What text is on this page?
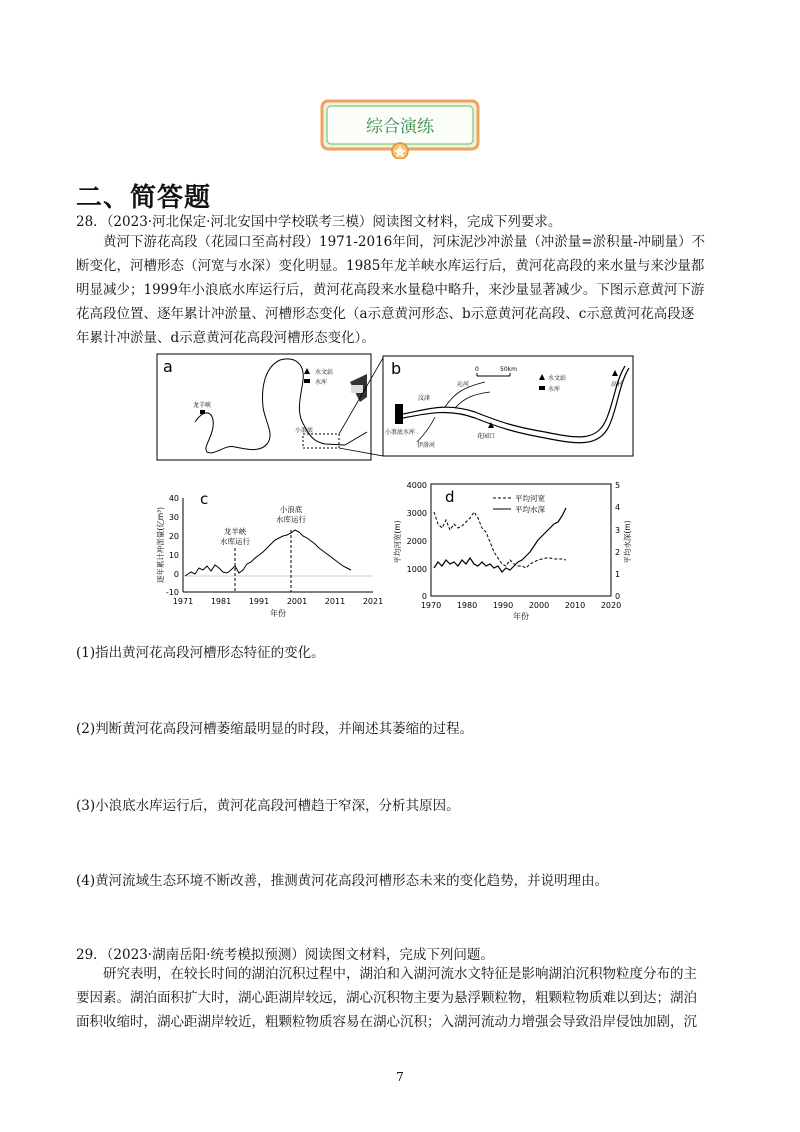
综合演练
二、简答题
28．（2023·河北保定·河北安国中学校联考三模）阅读图文材料，完成下列要求。
黄河下游花高段（花园口至高村段）1971-2016年间，河床泥沙冲淤量（冲淤量=淤积量-冲刷量）不
断变化，河槽形态（河宽与水深）变化明显。1985年龙羊峡水库运行后，黄河花高段的来水量与来沙量都
明显减少；1999年小浪底水库运行后，黄河花高段来水量稳中略升，来沙量显著减少。下图示意黄河下游
花高段位置、逐年累计冲淤量、河槽形态变化（a示意黄河形态、b示意黄河花高段、c示意黄河花高段逐
年累计冲淤量、d示意黄河花高段河槽形态变化）。
a	水文站
水库
龙羊峡
小浪底
b	0	50km
水文站
水库
汶津
沁河
小浪底水库
伊洛河
花园口
高村
c
40
30
20
10
0
-10
1971 1981 1991 2001 2011 2021
年份
逐年累计冲淤量(亿m³)	龙羊峡
水库运行
小浪底
水库运行
d
4000
3000
2000
1000
0
5
4
3
2
1
0
1970 1980 1990 2000 2010 2020
年份
平均河宽(m)	平均水深(m)
平均河宽
平均水深
(1)指出黄河花高段河槽形态特征的变化。
(2)判断黄河花高段河槽萎缩最明显的时段，并阐述其萎缩的过程。
(3)小浪底水库运行后，黄河花高段河槽趋于窄深，分析其原因。
(4)黄河流域生态环境不断改善，推测黄河花高段河槽形态未来的变化趋势，并说明理由。
29．（2023·湖南岳阳·统考模拟预测）阅读图文材料，完成下列问题。
研究表明，在较长时间的湖泊沉积过程中，湖泊和入湖河流水文特征是影响湖泊沉积物粒度分布的主
要因素。湖泊面积扩大时，湖心距湖岸较远，湖心沉积物主要为悬浮颗粒物，粗颗粒物质难以到达；湖泊
面积收缩时，湖心距湖岸较近，粗颗粒物质容易在湖心沉积；入湖河流动力增强会导致沿岸侵蚀加剧，沉
7
